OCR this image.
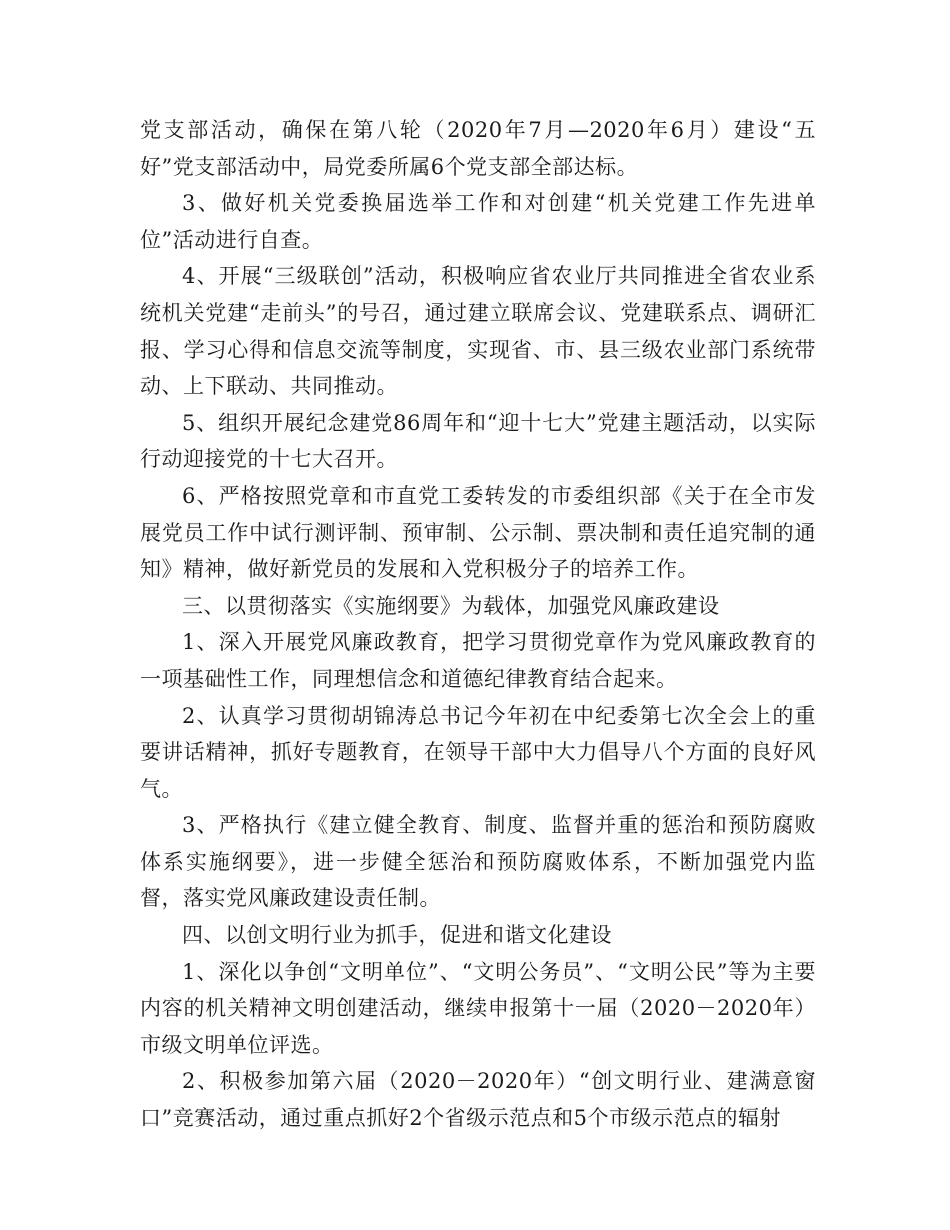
党支部活动，确保在第八轮（2020年7月—2020年6月）建设“五好”党支部活动中，局党委所属6个党支部全部达标。

3、做好机关党委换届选举工作和对创建“机关党建工作先进单位”活动进行自查。

4、开展“三级联创”活动，积极响应省农业厅共同推进全省农业系统机关党建“走前头”的号召，通过建立联席会议、党建联系点、调研汇报、学习心得和信息交流等制度，实现省、市、县三级农业部门系统带动、上下联动、共同推动。

5、组织开展纪念建党86周年和“迎十七大”党建主题活动，以实际行动迎接党的十七大召开。

6、严格按照党章和市直党工委转发的市委组织部《关于在全市发展党员工作中试行测评制、预审制、公示制、票决制和责任追究制的通知》精神，做好新党员的发展和入党积极分子的培养工作。

三、以贯彻落实《实施纲要》为载体，加强党风廉政建设

1、深入开展党风廉政教育，把学习贯彻党章作为党风廉政教育的一项基础性工作，同理想信念和道德纪律教育结合起来。

2、认真学习贯彻胡锦涛总书记今年初在中纪委第七次全会上的重要讲话精神，抓好专题教育，在领导干部中大力倡导八个方面的良好风气。

3、严格执行《建立健全教育、制度、监督并重的惩治和预防腐败体系实施纲要》，进一步健全惩治和预防腐败体系，不断加强党内监督，落实党风廉政建设责任制。

四、以创文明行业为抓手，促进和谐文化建设

1、深化以争创“文明单位”、“文明公务员”、“文明公民”等为主要内容的机关精神文明创建活动，继续申报第十一届（2020－2020年）市级文明单位评选。

2、积极参加第六届（2020－2020年）“创文明行业、建满意窗口”竞赛活动，通过重点抓好2个省级示范点和5个市级示范点的辐射
